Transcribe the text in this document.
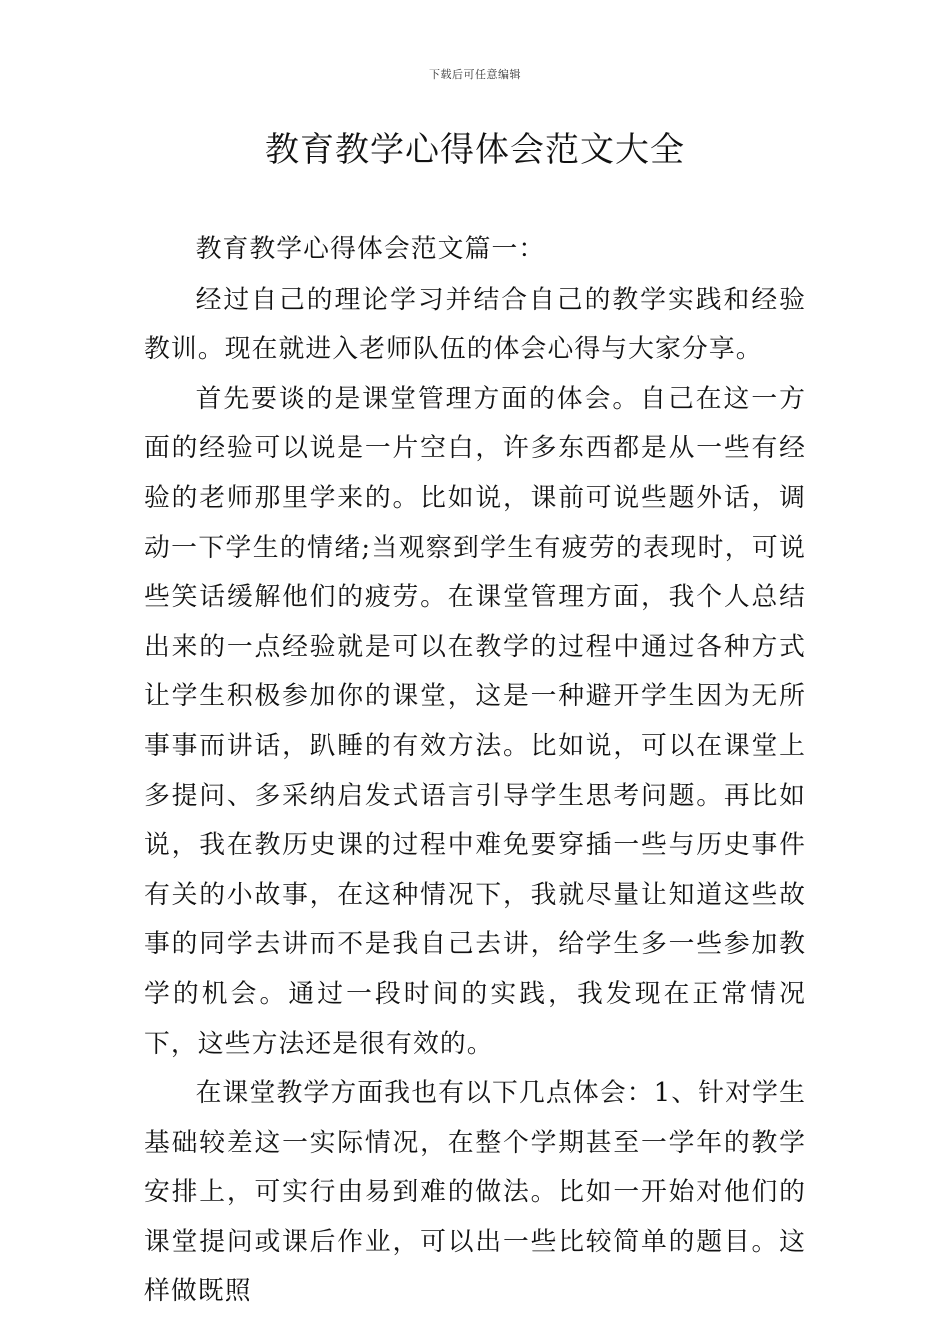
下载后可任意编辑
教育教学心得体会范文大全

教育教学心得体会范文篇一：

经过自己的理论学习并结合自己的教学实践和经验教训。现在就进入老师队伍的体会心得与大家分享。

首先要谈的是课堂管理方面的体会。自己在这一方面的经验可以说是一片空白，许多东西都是从一些有经验的老师那里学来的。比如说，课前可说些题外话，调动一下学生的情绪;当观察到学生有疲劳的表现时，可说些笑话缓解他们的疲劳。在课堂管理方面，我个人总结出来的一点经验就是可以在教学的过程中通过各种方式让学生积极参加你的课堂，这是一种避开学生因为无所事事而讲话，趴睡的有效方法。比如说，可以在课堂上多提问、多采纳启发式语言引导学生思考问题。再比如说，我在教历史课的过程中难免要穿插一些与历史事件有关的小故事，在这种情况下，我就尽量让知道这些故事的同学去讲而不是我自己去讲，给学生多一些参加教学的机会。通过一段时间的实践，我发现在正常情况下，这些方法还是很有效的。

在课堂教学方面我也有以下几点体会：1、针对学生基础较差这一实际情况，在整个学期甚至一学年的教学安排上，可实行由易到难的做法。比如一开始对他们的课堂提问或课后作业，可以出一些比较简单的题目。这样做既照
